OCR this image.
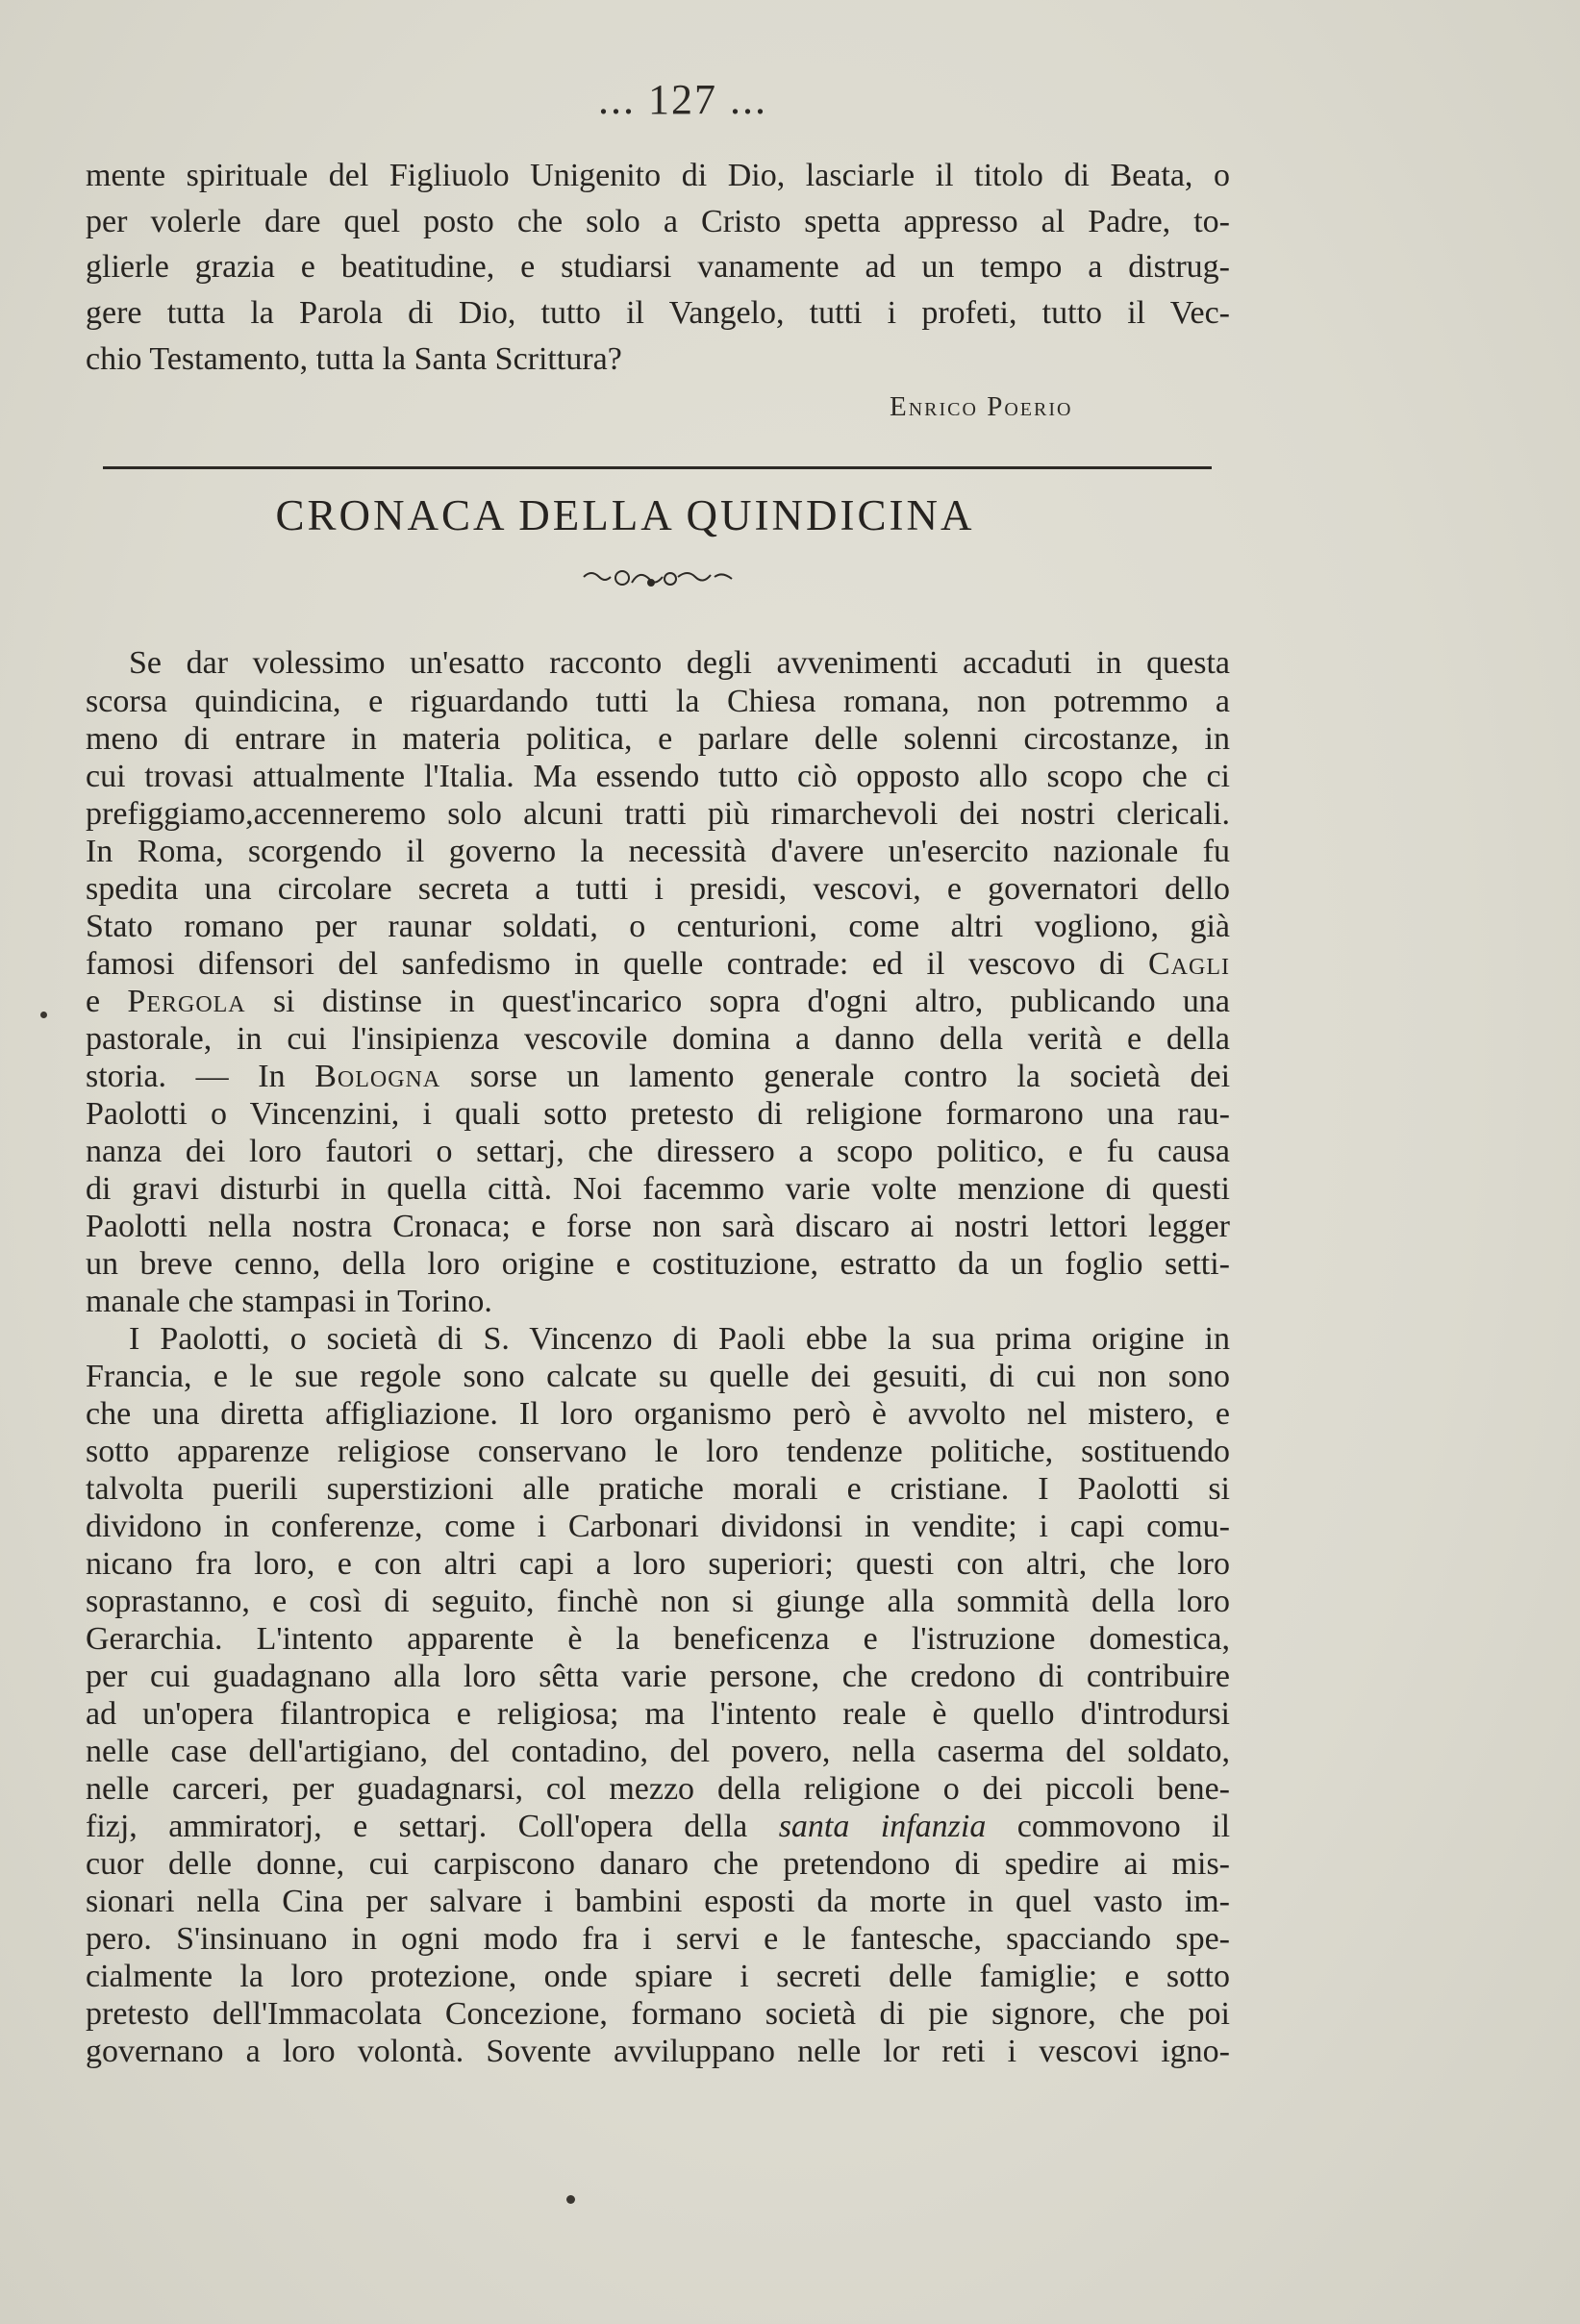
... 127 ...
mente spirituale del Figliuolo Unigenito di Dio, lasciarle il titolo di Beata, o
per volerle dare quel posto che solo a Cristo spetta appresso al Padre, to-
glierle grazia e beatitudine, e studiarsi vanamente ad un tempo a distrug-
gere tutta la Parola di Dio, tutto il Vangelo, tutti i profeti, tutto il Vec-
chio Testamento, tutta la Santa Scrittura?
Enrico Poerio
CRONACA DELLA QUINDICINA
Se dar volessimo un'esatto racconto degli avvenimenti accaduti in questa
scorsa quindicina, e riguardando tutti la Chiesa romana, non potremmo a
meno di entrare in materia politica, e parlare delle solenni circostanze, in
cui trovasi attualmente l'Italia. Ma essendo tutto ciò opposto allo scopo che ci
prefiggiamo,accenneremo solo alcuni tratti più rimarchevoli dei nostri clericali.
In Roma, scorgendo il governo la necessità d'avere un'esercito nazionale fu
spedita una circolare secreta a tutti i presidi, vescovi, e governatori dello
Stato romano per raunar soldati, o centurioni, come altri vogliono, già
famosi difensori del sanfedismo in quelle contrade: ed il vescovo di Cagli
e Pergola si distinse in quest'incarico sopra d'ogni altro, publicando una
pastorale, in cui l'insipienza vescovile domina a danno della verità e della
storia. — In Bologna sorse un lamento generale contro la società dei
Paolotti o Vincenzini, i quali sotto pretesto di religione formarono una rau-
nanza dei loro fautori o settarj, che diressero a scopo politico, e fu causa
di gravi disturbi in quella città. Noi facemmo varie volte menzione di questi
Paolotti nella nostra Cronaca; e forse non sarà discaro ai nostri lettori legger
un breve cenno, della loro origine e costituzione, estratto da un foglio setti-
manale che stampasi in Torino.
I Paolotti, o società di S. Vincenzo di Paoli ebbe la sua prima origine in
Francia, e le sue regole sono calcate su quelle dei gesuiti, di cui non sono
che una diretta affigliazione. Il loro organismo però è avvolto nel mistero, e
sotto apparenze religiose conservano le loro tendenze politiche, sostituendo
talvolta puerili superstizioni alle pratiche morali e cristiane. I Paolotti si
dividono in conferenze, come i Carbonari dividonsi in vendite; i capi comu-
nicano fra loro, e con altri capi a loro superiori; questi con altri, che loro
soprastanno, e così di seguito, finchè non si giunge alla sommità della loro
Gerarchia. L'intento apparente è la beneficenza e l'istruzione domestica,
per cui guadagnano alla loro sêtta varie persone, che credono di contribuire
ad un'opera filantropica e religiosa; ma l'intento reale è quello d'introdursi
nelle case dell'artigiano, del contadino, del povero, nella caserma del soldato,
nelle carceri, per guadagnarsi, col mezzo della religione o dei piccoli bene-
fizj, ammiratorj, e settarj. Coll'opera della santa infanzia commovono il
cuor delle donne, cui carpiscono danaro che pretendono di spedire ai mis-
sionari nella Cina per salvare i bambini esposti da morte in quel vasto im-
pero. S'insinuano in ogni modo fra i servi e le fantesche, spacciando spe-
cialmente la loro protezione, onde spiare i secreti delle famiglie; e sotto
pretesto dell'Immacolata Concezione, formano società di pie signore, che poi
governano a loro volontà. Sovente avviluppano nelle lor reti i vescovi igno-
